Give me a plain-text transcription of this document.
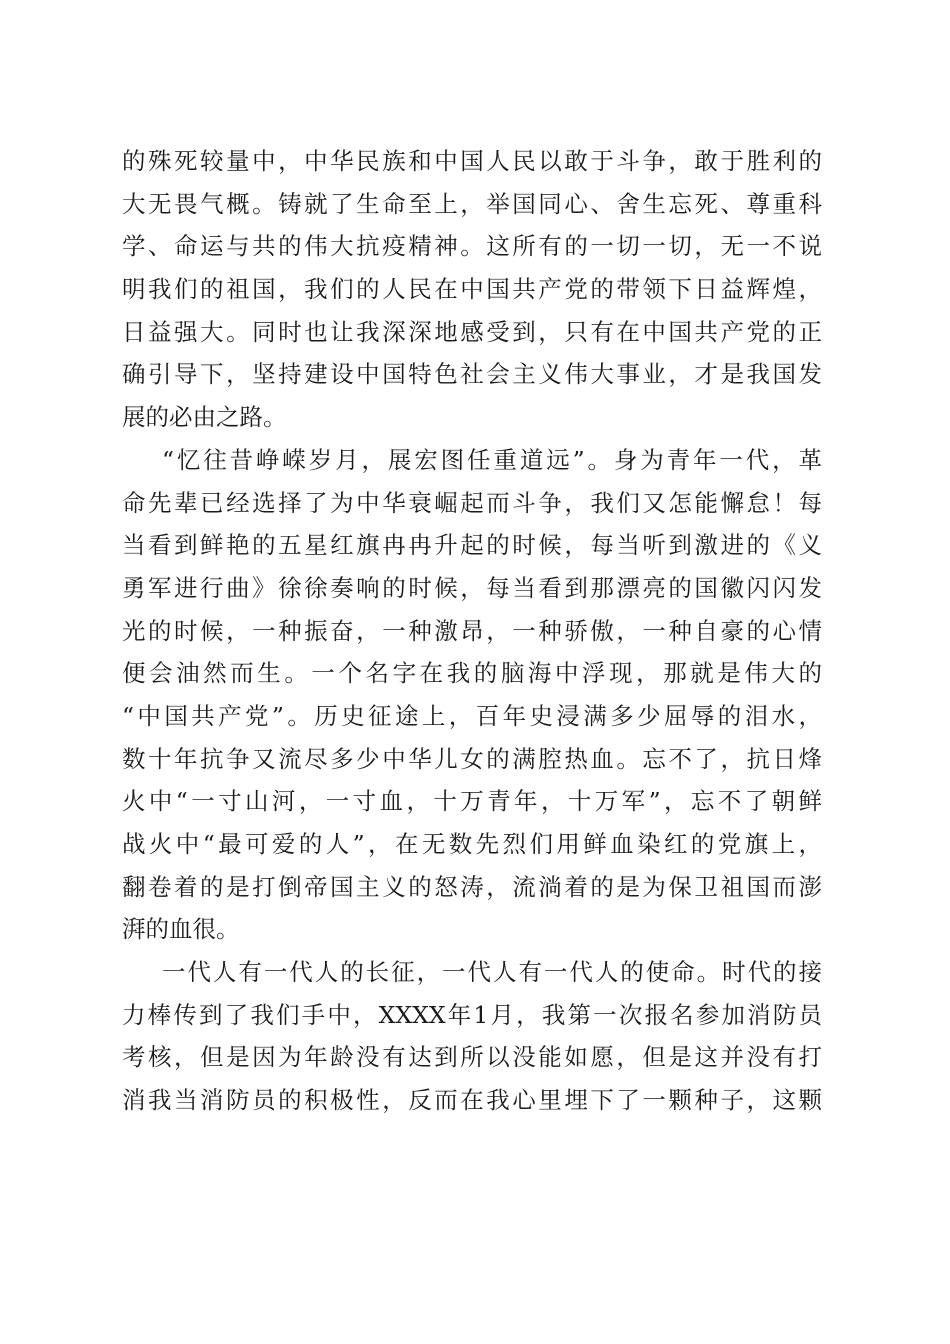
的殊死较量中，中华民族和中国人民以敢于斗争，敢于胜利的
大无畏气概。铸就了生命至上，举国同心、舍生忘死、尊重科
学、命运与共的伟大抗疫精神。这所有的一切一切，无一不说
明我们的祖国，我们的人民在中国共产党的带领下日益辉煌，
日益强大。同时也让我深深地感受到，只有在中国共产党的正
确引导下，坚持建设中国特色社会主义伟大事业，才是我国发
展的必由之路。
“忆往昔峥嵘岁月，展宏图任重道远”。身为青年一代，革
命先辈已经选择了为中华衰崛起而斗争，我们又怎能懈怠！每
当看到鲜艳的五星红旗冉冉升起的时候，每当听到激进的《义
勇军进行曲》徐徐奏响的时候，每当看到那漂亮的国徽闪闪发
光的时候，一种振奋，一种激昂，一种骄傲，一种自豪的心情
便会油然而生。一个名字在我的脑海中浮现，那就是伟大的
“中国共产党”。历史征途上，百年史浸满多少屈辱的泪水，
数十年抗争又流尽多少中华儿女的满腔热血。忘不了，抗日烽
火中“一寸山河，一寸血，十万青年，十万军”，忘不了朝鲜
战火中“最可爱的人”，在无数先烈们用鲜血染红的党旗上，
翻卷着的是打倒帝国主义的怒涛，流淌着的是为保卫祖国而澎
湃的血很。
一代人有一代人的长征，一代人有一代人的使命。时代的接
力棒传到了我们手中，XXXX年1月，我第一次报名参加消防员
考核，但是因为年龄没有达到所以没能如愿，但是这并没有打
消我当消防员的积极性，反而在我心里埋下了一颗种子，这颗
